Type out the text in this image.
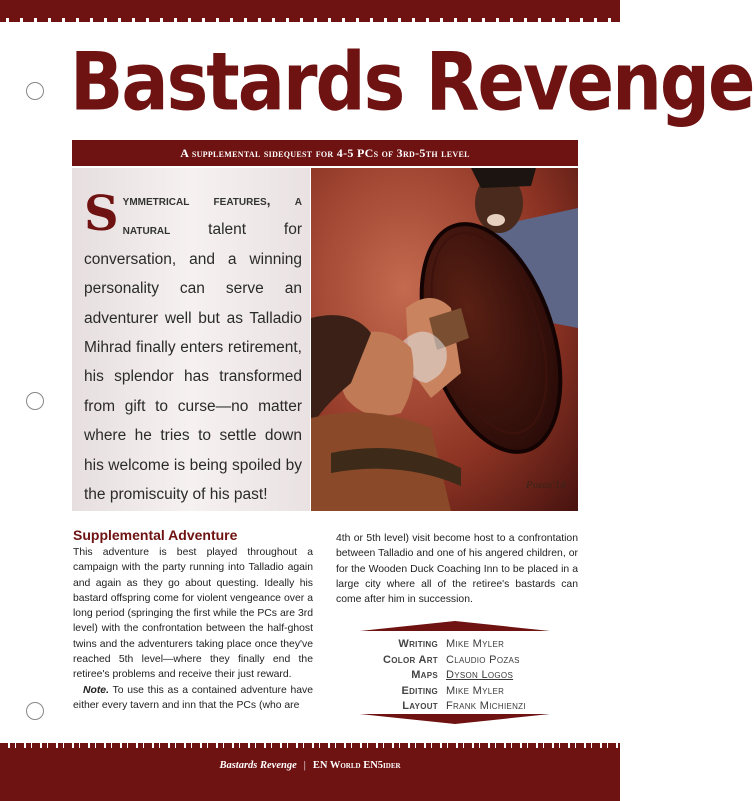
Bastards Revenge
A supplemental sidequest for 4-5 PCs of 3rd-5th level

Symmetrical features, a natural talent for conversation, and a winning personality can serve an adventurer well but as Talladio Mihrad finally enters retirement, his splendor has transformed from gift to curse—no matter where he tries to settle down his welcome is being spoiled by the promiscuity of his past!

Pozas'14
Supplemental Adventure

This adventure is best played throughout a campaign with the party running into Talladio again and again as they go about questing. Ideally his bastard offspring come for violent vengeance over a long period (springing the first while the PCs are 3rd level) with the confrontation between the half-ghost twins and the adventurers taking place once they've reached 5th level—where they finally end the retiree's problems and receive their just reward.

Note. To use this as a contained adventure have either every tavern and inn that the PCs (who are

4th or 5th level) visit become host to a confrontation between Talladio and one of his angered children, or for the Wooden Duck Coaching Inn to be placed in a large city where all of the retiree's bastards can come after him in succession.

Writing Mike Myler
Color Art Claudio Pozas
Maps Dyson Logos
Editing Mike Myler
Layout Frank Michienzi
Bastards Revenge | EN World EN5ider
